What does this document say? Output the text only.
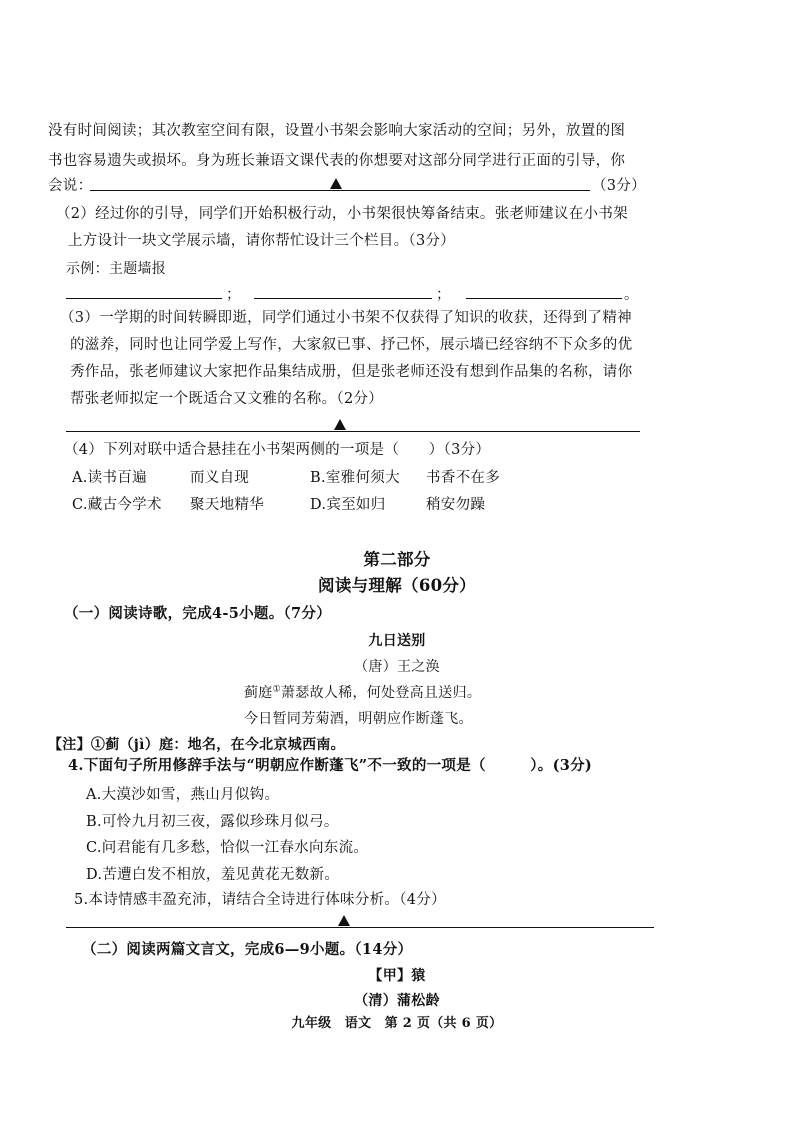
没有时间阅读；其次教室空间有限，设置小书架会影响大家活动的空间；另外，放置的图
书也容易遗失或损坏。身为班长兼语文课代表的你想要对这部分同学进行正面的引导，你
会说：	（3分）
（2）经过你的引导，同学们开始积极行动，小书架很快筹备结束。张老师建议在小书架
上方设计一块文学展示墙，请你帮忙设计三个栏目。（3分）
示例：主题墙报
；	；	。
（3）一学期的时间转瞬即逝，同学们通过小书架不仅获得了知识的收获，还得到了精神
的滋养，同时也让同学爱上写作，大家叙已事、抒己怀，展示墙已经容纳不下众多的优
秀作品，张老师建议大家把作品集结成册，但是张老师还没有想到作品集的名称，请你
帮张老师拟定一个既适合又文雅的名称。（2分）
（4）下列对联中适合悬挂在小书架两侧的一项是（　　）（3分）
A.读书百遍	而义自现	B.室雅何须大 书香不在多
C.藏古今学术 聚天地精华	D.宾至如归	稍安勿躁
第二部分
阅读与理解（60分）
（一）阅读诗歌，完成4-5小题。（7分）
九日送别
（唐）王之涣
蓟庭①萧瑟故人稀，何处登高且送归。
今日暂同芳菊酒，明朝应作断蓬飞。
【注】①蓟（jì）庭：地名，在今北京城西南。
4.下面句子所用修辞手法与“明朝应作断蓬飞”不一致的一项是（　　　）。(3分)
A.大漠沙如雪，燕山月似钩。
B.可怜九月初三夜，露似珍珠月似弓。
C.问君能有几多愁，恰似一江春水向东流。
D.苦遭白发不相放，羞见黄花无数新。
5.本诗情感丰盈充沛，请结合全诗进行体味分析。（4分）
（二）阅读两篇文言文，完成6—9小题。（14分）
【甲】猿
（清）蒲松龄
九年级　语文　第 2 页（共 6 页）
